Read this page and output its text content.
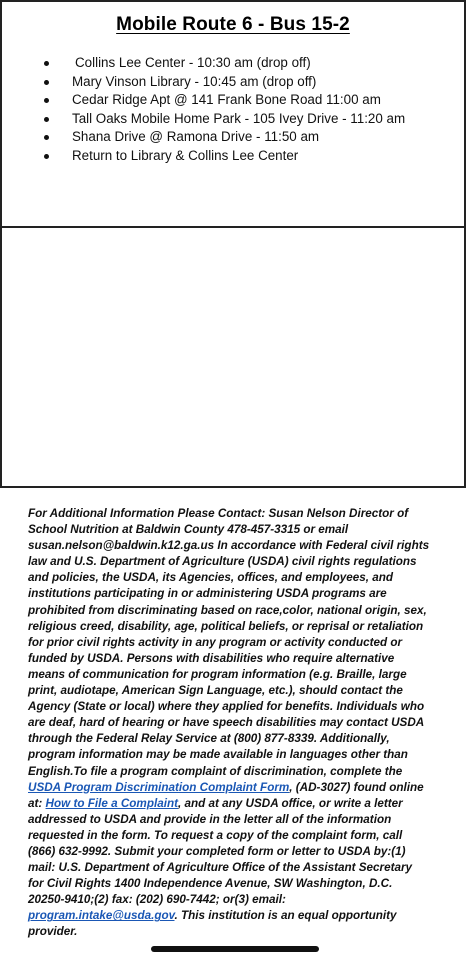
Mobile Route 6 - Bus 15-2
Collins Lee Center - 10:30 am (drop off)
Mary Vinson Library - 10:45 am (drop off)
Cedar Ridge Apt @ 141 Frank Bone Road 11:00 am
Tall Oaks Mobile Home Park - 105 Ivey Drive - 11:20 am
Shana Drive @ Ramona Drive - 11:50 am
Return to Library & Collins Lee Center
For Additional Information Please Contact: Susan Nelson Director of
School Nutrition at Baldwin County 478-457-3315 or email
susan.nelson@baldwin.k12.ga.us In accordance with Federal civil rights
law and U.S. Department of Agriculture (USDA) civil rights regulations
and policies, the USDA, its Agencies, offices, and employees, and
institutions participating in or administering USDA programs are
prohibited from discriminating based on race,color, national origin, sex,
religious creed, disability, age, political beliefs, or reprisal or retaliation
for prior civil rights activity in any program or activity conducted or
funded by USDA. Persons with disabilities who require alternative
means of communication for program information (e.g. Braille, large
print, audiotape, American Sign Language, etc.), should contact the
Agency (State or local) where they applied for benefits. Individuals who
are deaf, hard of hearing or have speech disabilities may contact USDA
through the Federal Relay Service at (800) 877-8339. Additionally,
program information may be made available in languages other than
English.To file a program complaint of discrimination, complete the
USDA Program Discrimination Complaint Form, (AD-3027) found online
at: How to File a Complaint, and at any USDA office, or write a letter
addressed to USDA and provide in the letter all of the information
requested in the form. To request a copy of the complaint form, call
(866) 632-9992. Submit your completed form or letter to USDA by:(1)
mail: U.S. Department of Agriculture Office of the Assistant Secretary
for Civil Rights 1400 Independence Avenue, SW Washington, D.C.
20250-9410;(2) fax: (202) 690-7442; or(3) email:
program.intake@usda.gov. This institution is an equal opportunity
provider.
